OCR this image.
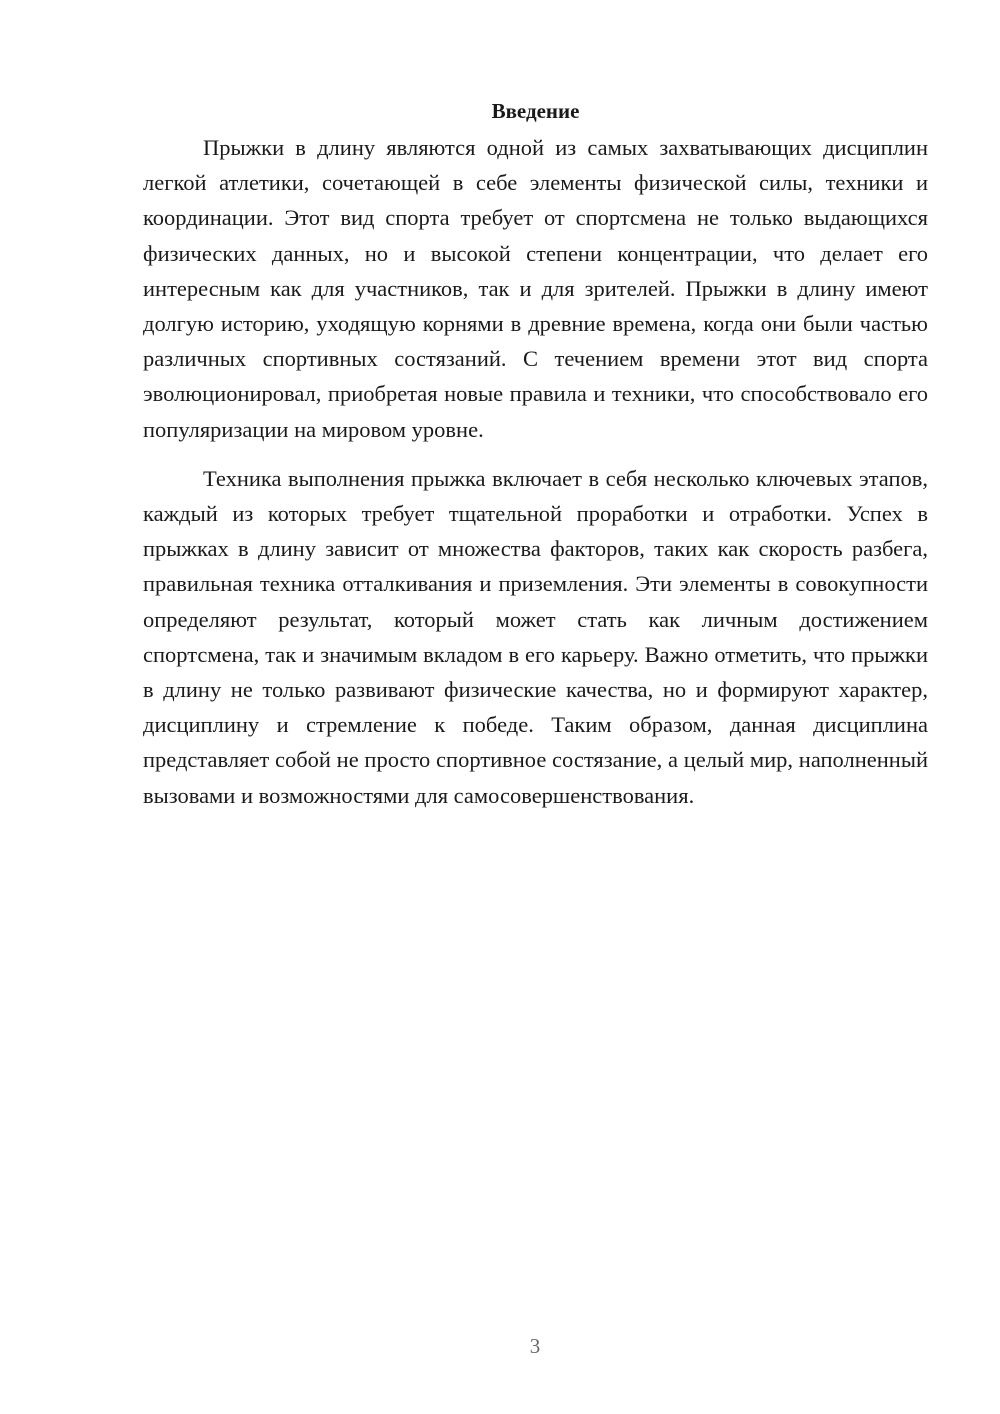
Введение

Прыжки в длину являются одной из самых захватывающих дисциплин легкой атлетики, сочетающей в себе элементы физической силы, техники и координации. Этот вид спорта требует от спортсмена не только выдающихся физических данных, но и высокой степени концентрации, что делает его интересным как для участников, так и для зрителей. Прыжки в длину имеют долгую историю, уходящую корнями в древние времена, когда они были частью различных спортивных состязаний. С течением времени этот вид спорта эволюционировал, приобретая новые правила и техники, что способствовало его популяризации на мировом уровне.

Техника выполнения прыжка включает в себя несколько ключевых этапов, каждый из которых требует тщательной проработки и отработки. Успех в прыжках в длину зависит от множества факторов, таких как скорость разбега, правильная техника отталкивания и приземления. Эти элементы в совокупности определяют результат, который может стать как личным достижением спортсмена, так и значимым вкладом в его карьеру. Важно отметить, что прыжки в длину не только развивают физические качества, но и формируют характер, дисциплину и стремление к победе. Таким образом, данная дисциплина представляет собой не просто спортивное состязание, а целый мир, наполненный вызовами и возможностями для самосовершенствования.

3
